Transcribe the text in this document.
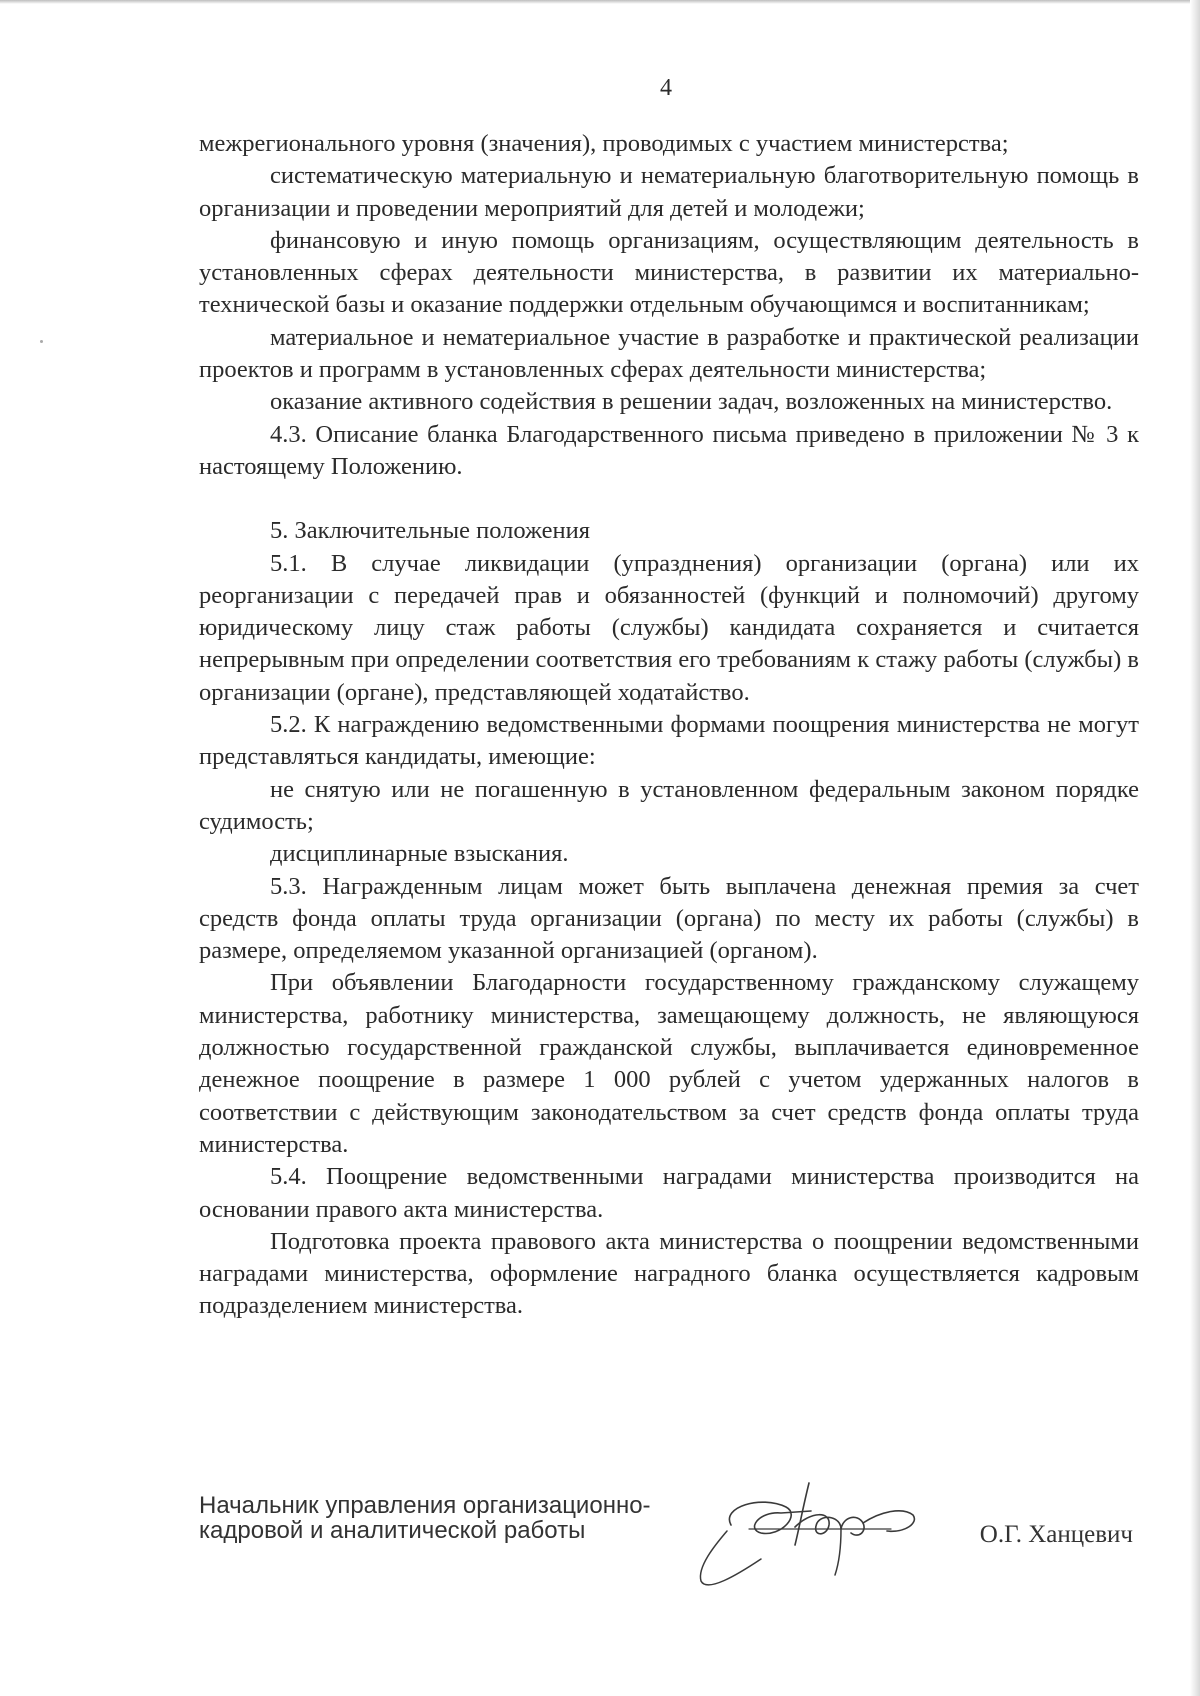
4

межрегионального уровня (значения), проводимых с участием министерства;

систематическую материальную и нематериальную благотворительную помощь в организации и проведении мероприятий для детей и молодежи;

финансовую и иную помощь организациям, осуществляющим деятельность в установленных сферах деятельности министерства, в развитии их материально-технической базы и оказание поддержки отдельным обучающимся и воспитанникам;

материальное и нематериальное участие в разработке и практической реализации проектов и программ в установленных сферах деятельности министерства;

оказание активного содействия в решении задач, возложенных на министерство.

4.3. Описание бланка Благодарственного письма приведено в приложении № 3 к настоящему Положению.

5. Заключительные положения

5.1. В случае ликвидации (упразднения) организации (органа) или их реорганизации с передачей прав и обязанностей (функций и полномочий) другому юридическому лицу стаж работы (службы) кандидата сохраняется и считается непрерывным при определении соответствия его требованиям к стажу работы (службы) в организации (органе), представляющей ходатайство.

5.2. К награждению ведомственными формами поощрения министерства не могут представляться кандидаты, имеющие:

не снятую или не погашенную в установленном федеральным законом порядке судимость;

дисциплинарные взыскания.

5.3. Награжденным лицам может быть выплачена денежная премия за счет средств фонда оплаты труда организации (органа) по месту их работы (службы) в размере, определяемом указанной организацией (органом).

При объявлении Благодарности государственному гражданскому служащему министерства, работнику министерства, замещающему должность, не являющуюся должностью государственной гражданской службы, выплачивается единовременное денежное поощрение в размере 1 000 рублей с учетом удержанных налогов в соответствии с действующим законодательством за счет средств фонда оплаты труда министерства.

5.4. Поощрение ведомственными наградами министерства производится на основании правого акта министерства.

Подготовка проекта правового акта министерства о поощрении ведомственными наградами министерства, оформление наградного бланка осуществляется кадровым подразделением министерства.

Начальник управления организационно-
кадровой и аналитической работы	О.Г. Ханцевич
